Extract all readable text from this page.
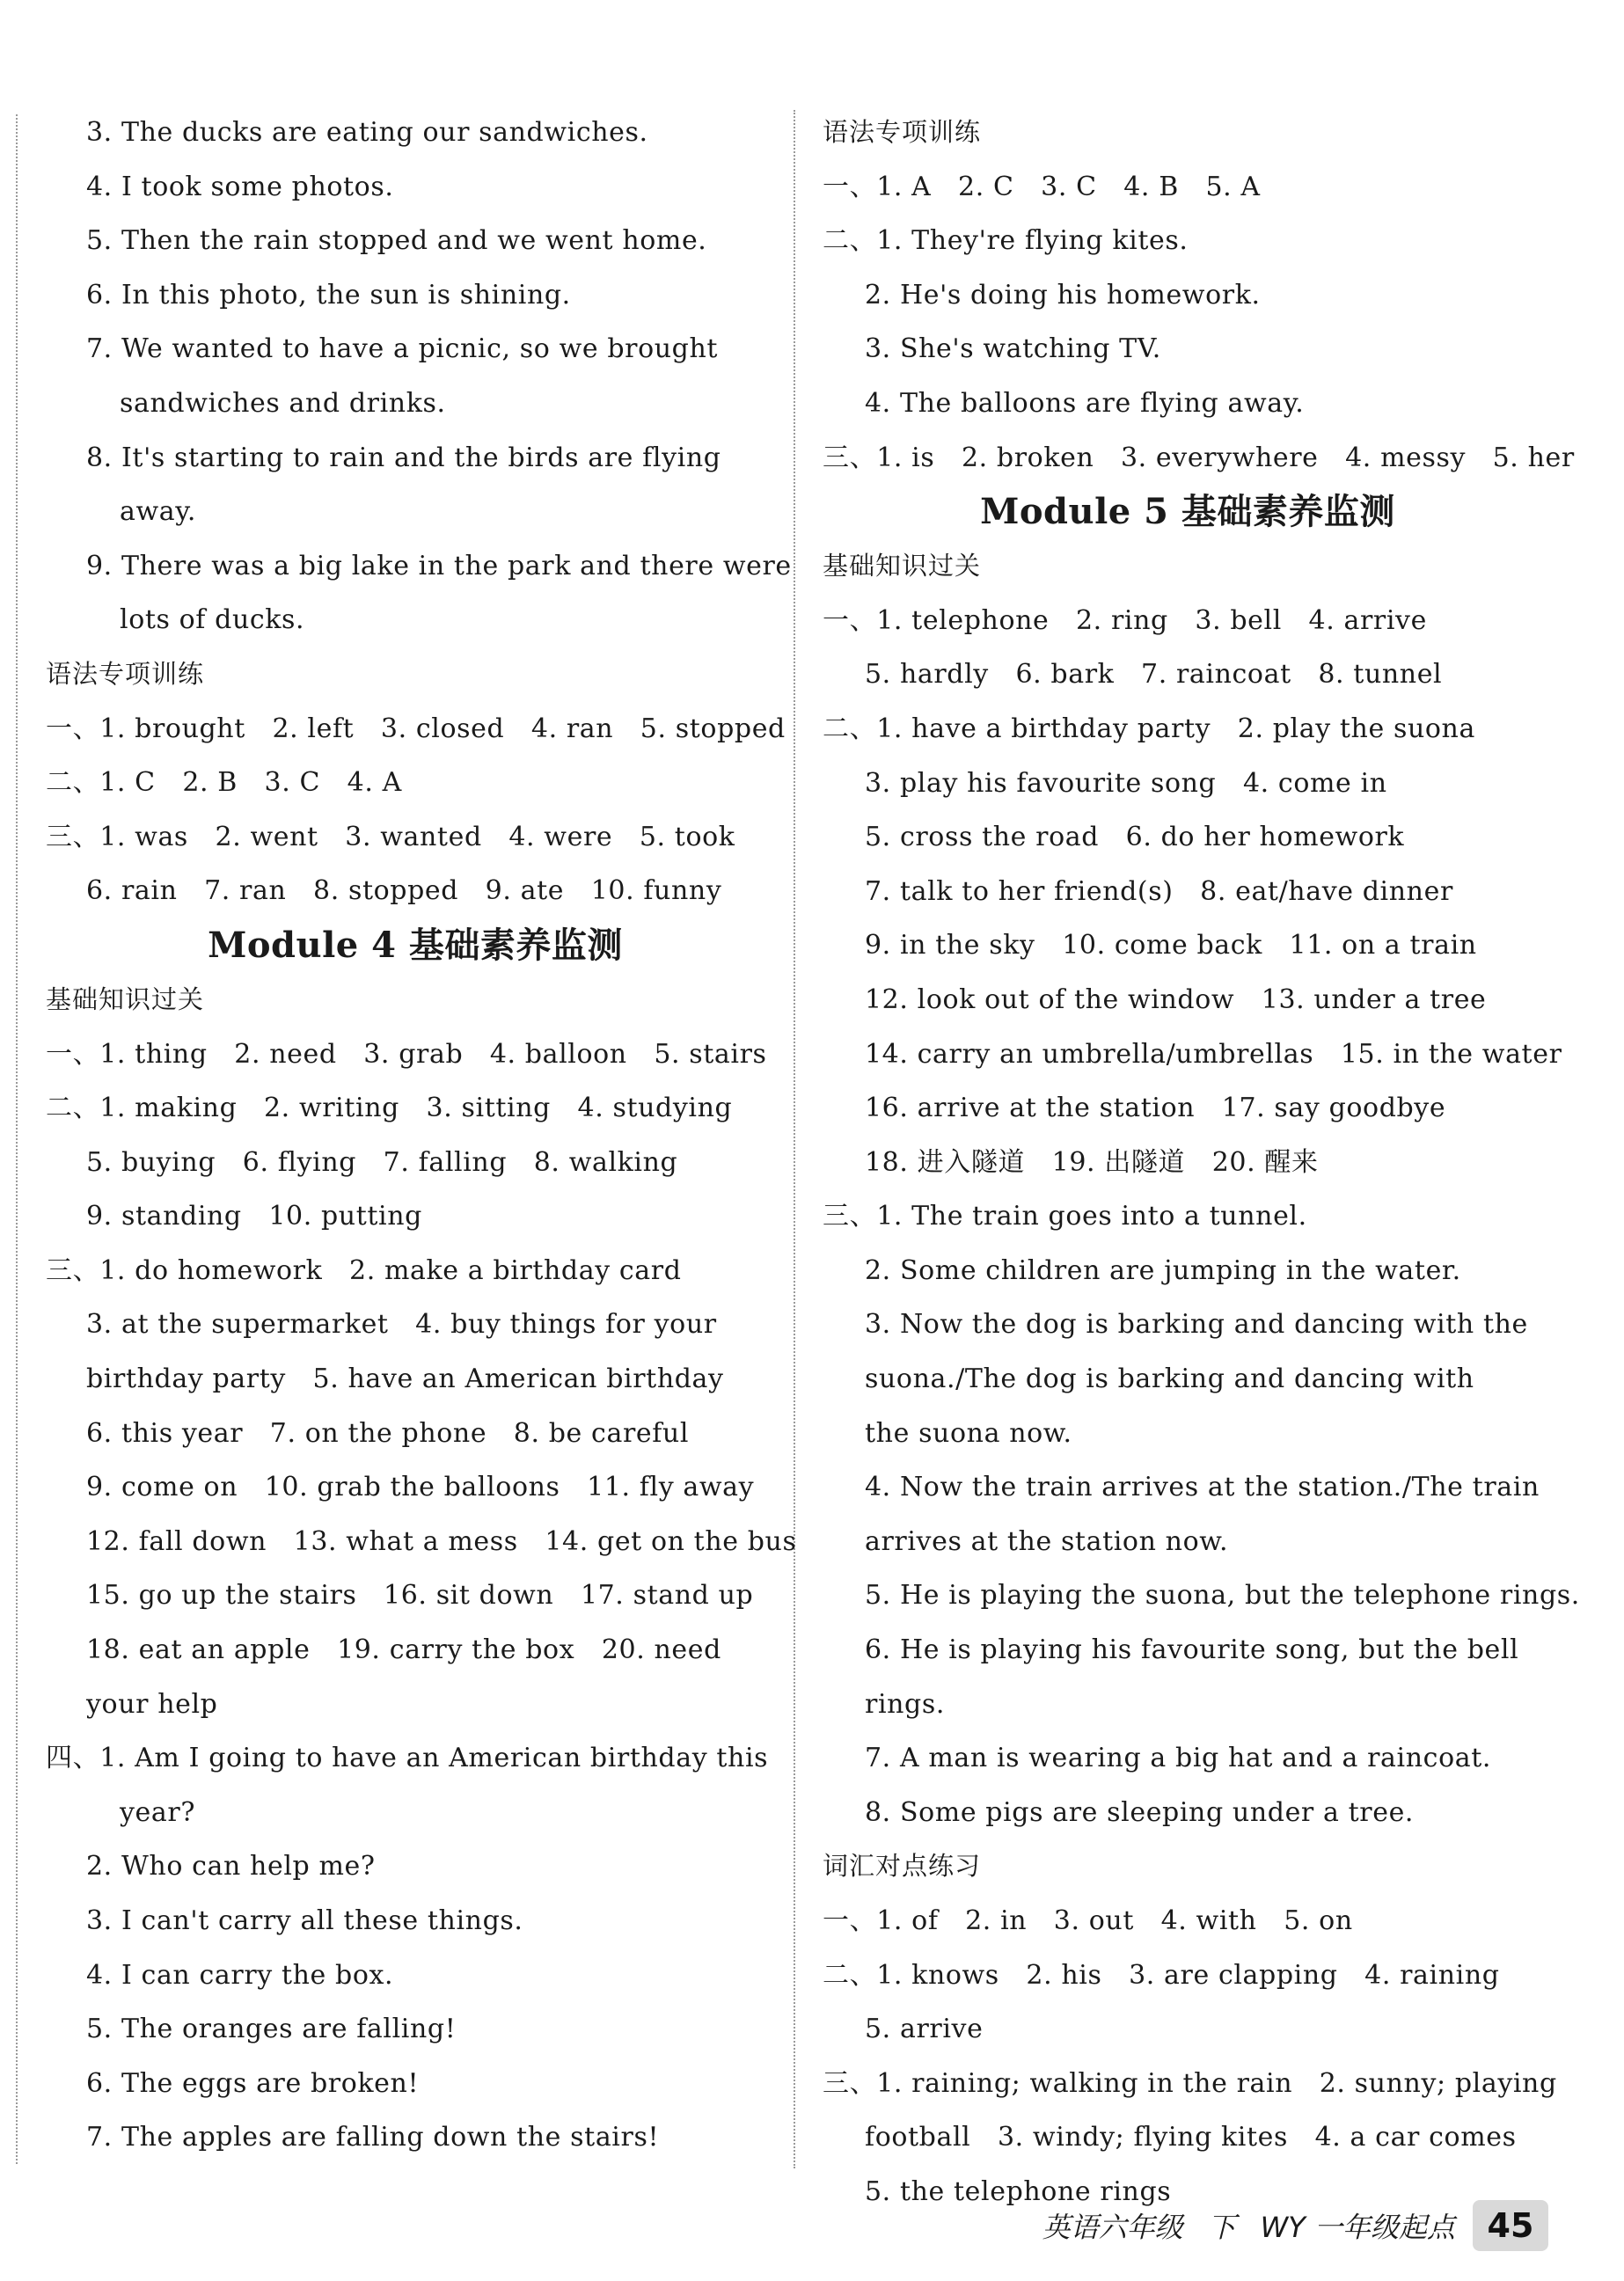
3. The ducks are eating our sandwiches.
4. I took some photos.
5. Then the rain stopped and we went home.
6. In this photo, the sun is shining.
7. We wanted to have a picnic, so we brought
sandwiches and drinks.
8. It's starting to rain and the birds are flying
away.
9. There was a big lake in the park and there were
lots of ducks.
语法专项训练
一、1. brought　2. left　3. closed　4. ran　5. stopped
二、1. C　2. B　3. C　4. A
三、1. was　2. went　3. wanted　4. were　5. took
6. rain　7. ran　8. stopped　9. ate　10. funny
Module 4 基础素养监测
基础知识过关
一、1. thing　2. need　3. grab　4. balloon　5. stairs
二、1. making　2. writing　3. sitting　4. studying
5. buying　6. flying　7. falling　8. walking
9. standing　10. putting
三、1. do homework　2. make a birthday card
3. at the supermarket　4. buy things for your
birthday party　5. have an American birthday
6. this year　7. on the phone　8. be careful
9. come on　10. grab the balloons　11. fly away
12. fall down　13. what a mess　14. get on the bus
15. go up the stairs　16. sit down　17. stand up
18. eat an apple　19. carry the box　20. need
your help
四、1. Am I going to have an American birthday this
year?
2. Who can help me?
3. I can't carry all these things.
4. I can carry the box.
5. The oranges are falling!
6. The eggs are broken!
7. The apples are falling down the stairs!
语法专项训练
一、1. A　2. C　3. C　4. B　5. A
二、1. They're flying kites.
2. He's doing his homework.
3. She's watching TV.
4. The balloons are flying away.
三、1. is　2. broken　3. everywhere　4. messy　5. her
Module 5 基础素养监测
基础知识过关
一、1. telephone　2. ring　3. bell　4. arrive
5. hardly　6. bark　7. raincoat　8. tunnel
二、1. have a birthday party　2. play the suona
3. play his favourite song　4. come in
5. cross the road　6. do her homework
7. talk to her friend(s)　8. eat/have dinner
9. in the sky　10. come back　11. on a train
12. look out of the window　13. under a tree
14. carry an umbrella/umbrellas　15. in the water
16. arrive at the station　17. say goodbye
18. 进入隧道　19. 出隧道　20. 醒来
三、1. The train goes into a tunnel.
2. Some children are jumping in the water.
3. Now the dog is barking and dancing with the
suona./The dog is barking and dancing with
the suona now.
4. Now the train arrives at the station./The train
arrives at the station now.
5. He is playing the suona, but the telephone rings.
6. He is playing his favourite song, but the bell
rings.
7. A man is wearing a big hat and a raincoat.
8. Some pigs are sleeping under a tree.
词汇对点练习
一、1. of　2. in　3. out　4. with　5. on
二、1. knows　2. his　3. are clapping　4. raining
5. arrive
三、1. raining; walking in the rain　2. sunny; playing
football　3. windy; flying kites　4. a car comes
5. the telephone rings
英语六年级 下 WY 一年级起点 45
